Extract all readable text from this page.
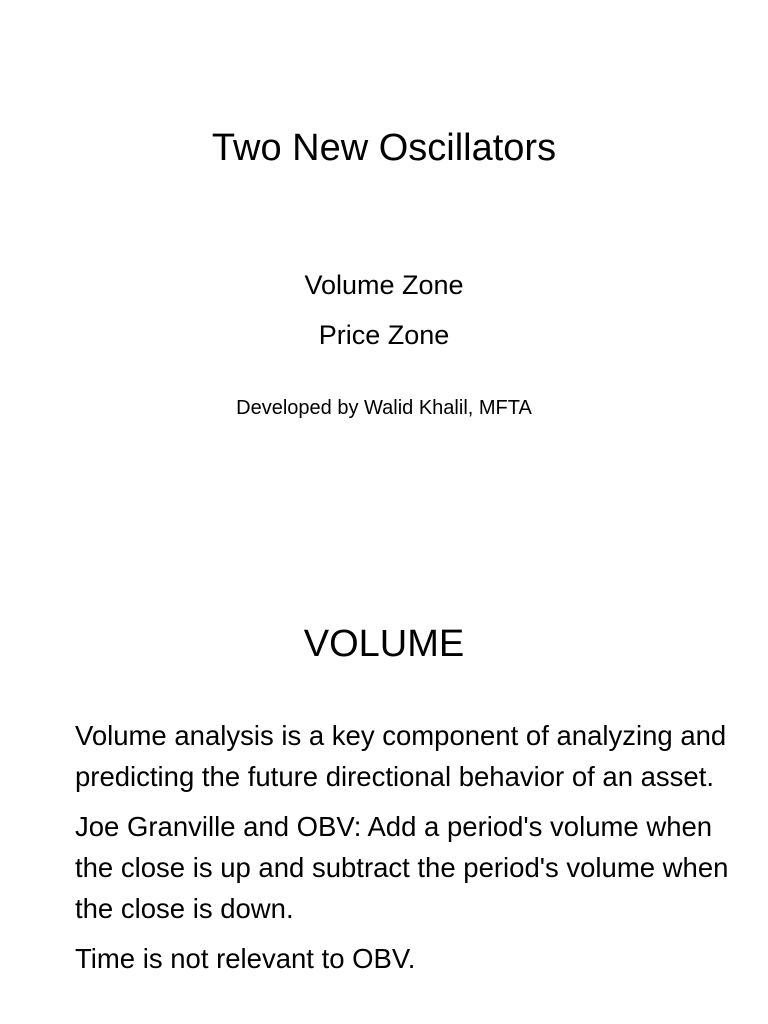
Two New Oscillators
Volume Zone
Price Zone

Developed by Walid Khalil, MFTA

VOLUME
Volume analysis is a key component of analyzing and predicting the future directional behavior of an asset.
Joe Granville and OBV: Add a period's volume when the close is up and subtract the period's volume when the close is down.
Time is not relevant to OBV.
